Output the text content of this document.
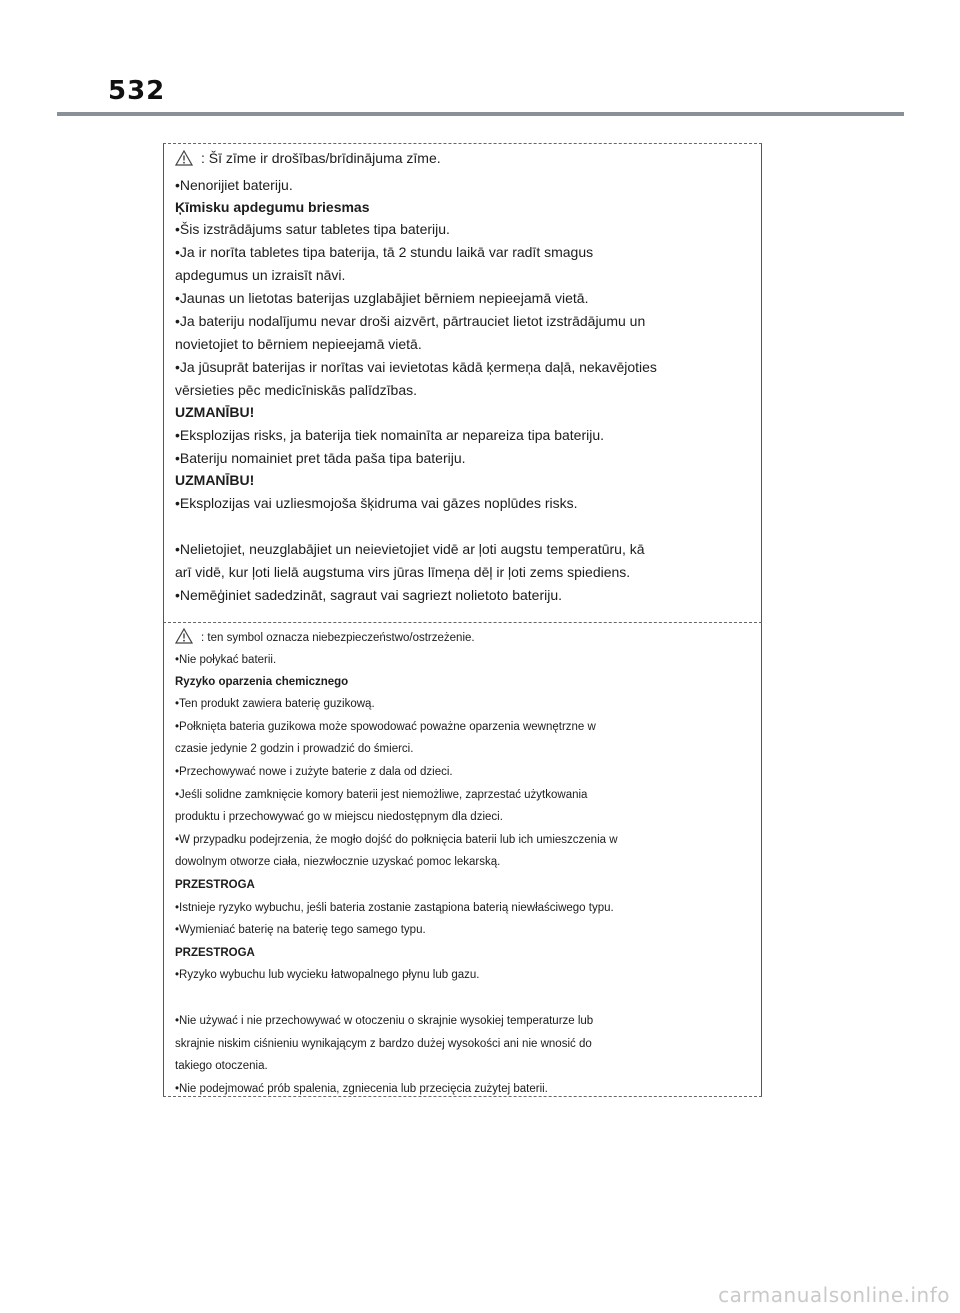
532
: Šī zīme ir drošības/brīdinājuma zīme.
•Nenorijiet bateriju.
Ķīmisku apdegumu briesmas
•Šis izstrādājums satur tabletes tipa bateriju.
•Ja ir norīta tabletes tipa baterija, tā 2 stundu laikā var radīt smagus
apdegumus un izraisīt nāvi.
•Jaunas un lietotas baterijas uzglabājiet bērniem nepieejamā vietā.
•Ja bateriju nodalījumu nevar droši aizvērt, pārtrauciet lietot izstrādājumu un
novietojiet to bērniem nepieejamā vietā.
•Ja jūsuprāt baterijas ir norītas vai ievietotas kādā ķermeņa daļā, nekavējoties
vērsieties pēc medicīniskās palīdzības.
UZMANĪBU!
•Eksplozijas risks, ja baterija tiek nomainīta ar nepareiza tipa bateriju.
•Bateriju nomainiet pret tāda paša tipa bateriju.
UZMANĪBU!
•Eksplozijas vai uzliesmojoša šķidruma vai gāzes noplūdes risks.
•Nelietojiet, neuzglabājiet un neievietojiet vidē ar ļoti augstu temperatūru, kā
arī vidē, kur ļoti lielā augstuma virs jūras līmeņa dēļ ir ļoti zems spiediens.
•Nemēģiniet sadedzināt, sagraut vai sagriezt nolietoto bateriju.
: ten symbol oznacza niebezpieczeństwo/ostrzeżenie.
•Nie połykać baterii.
Ryzyko oparzenia chemicznego
•Ten produkt zawiera baterię guzikową.
•Połknięta bateria guzikowa może spowodować poważne oparzenia wewnętrzne w
czasie jedynie 2 godzin i prowadzić do śmierci.
•Przechowywać nowe i zużyte baterie z dala od dzieci.
•Jeśli solidne zamknięcie komory baterii jest niemożliwe, zaprzestać użytkowania
produktu i przechowywać go w miejscu niedostępnym dla dzieci.
•W przypadku podejrzenia, że mogło dojść do połknięcia baterii lub ich umieszczenia w
dowolnym otworze ciała, niezwłocznie uzyskać pomoc lekarską.
PRZESTROGA
•Istnieje ryzyko wybuchu, jeśli bateria zostanie zastąpiona baterią niewłaściwego typu.
•Wymieniać baterię na baterię tego samego typu.
PRZESTROGA
•Ryzyko wybuchu lub wycieku łatwopalnego płynu lub gazu.
•Nie używać i nie przechowywać w otoczeniu o skrajnie wysokiej temperaturze lub
skrajnie niskim ciśnieniu wynikającym z bardzo dużej wysokości ani nie wnosić do
takiego otoczenia.
•Nie podejmować prób spalenia, zgniecenia lub przecięcia zużytej baterii.
carmanualsonline.info
